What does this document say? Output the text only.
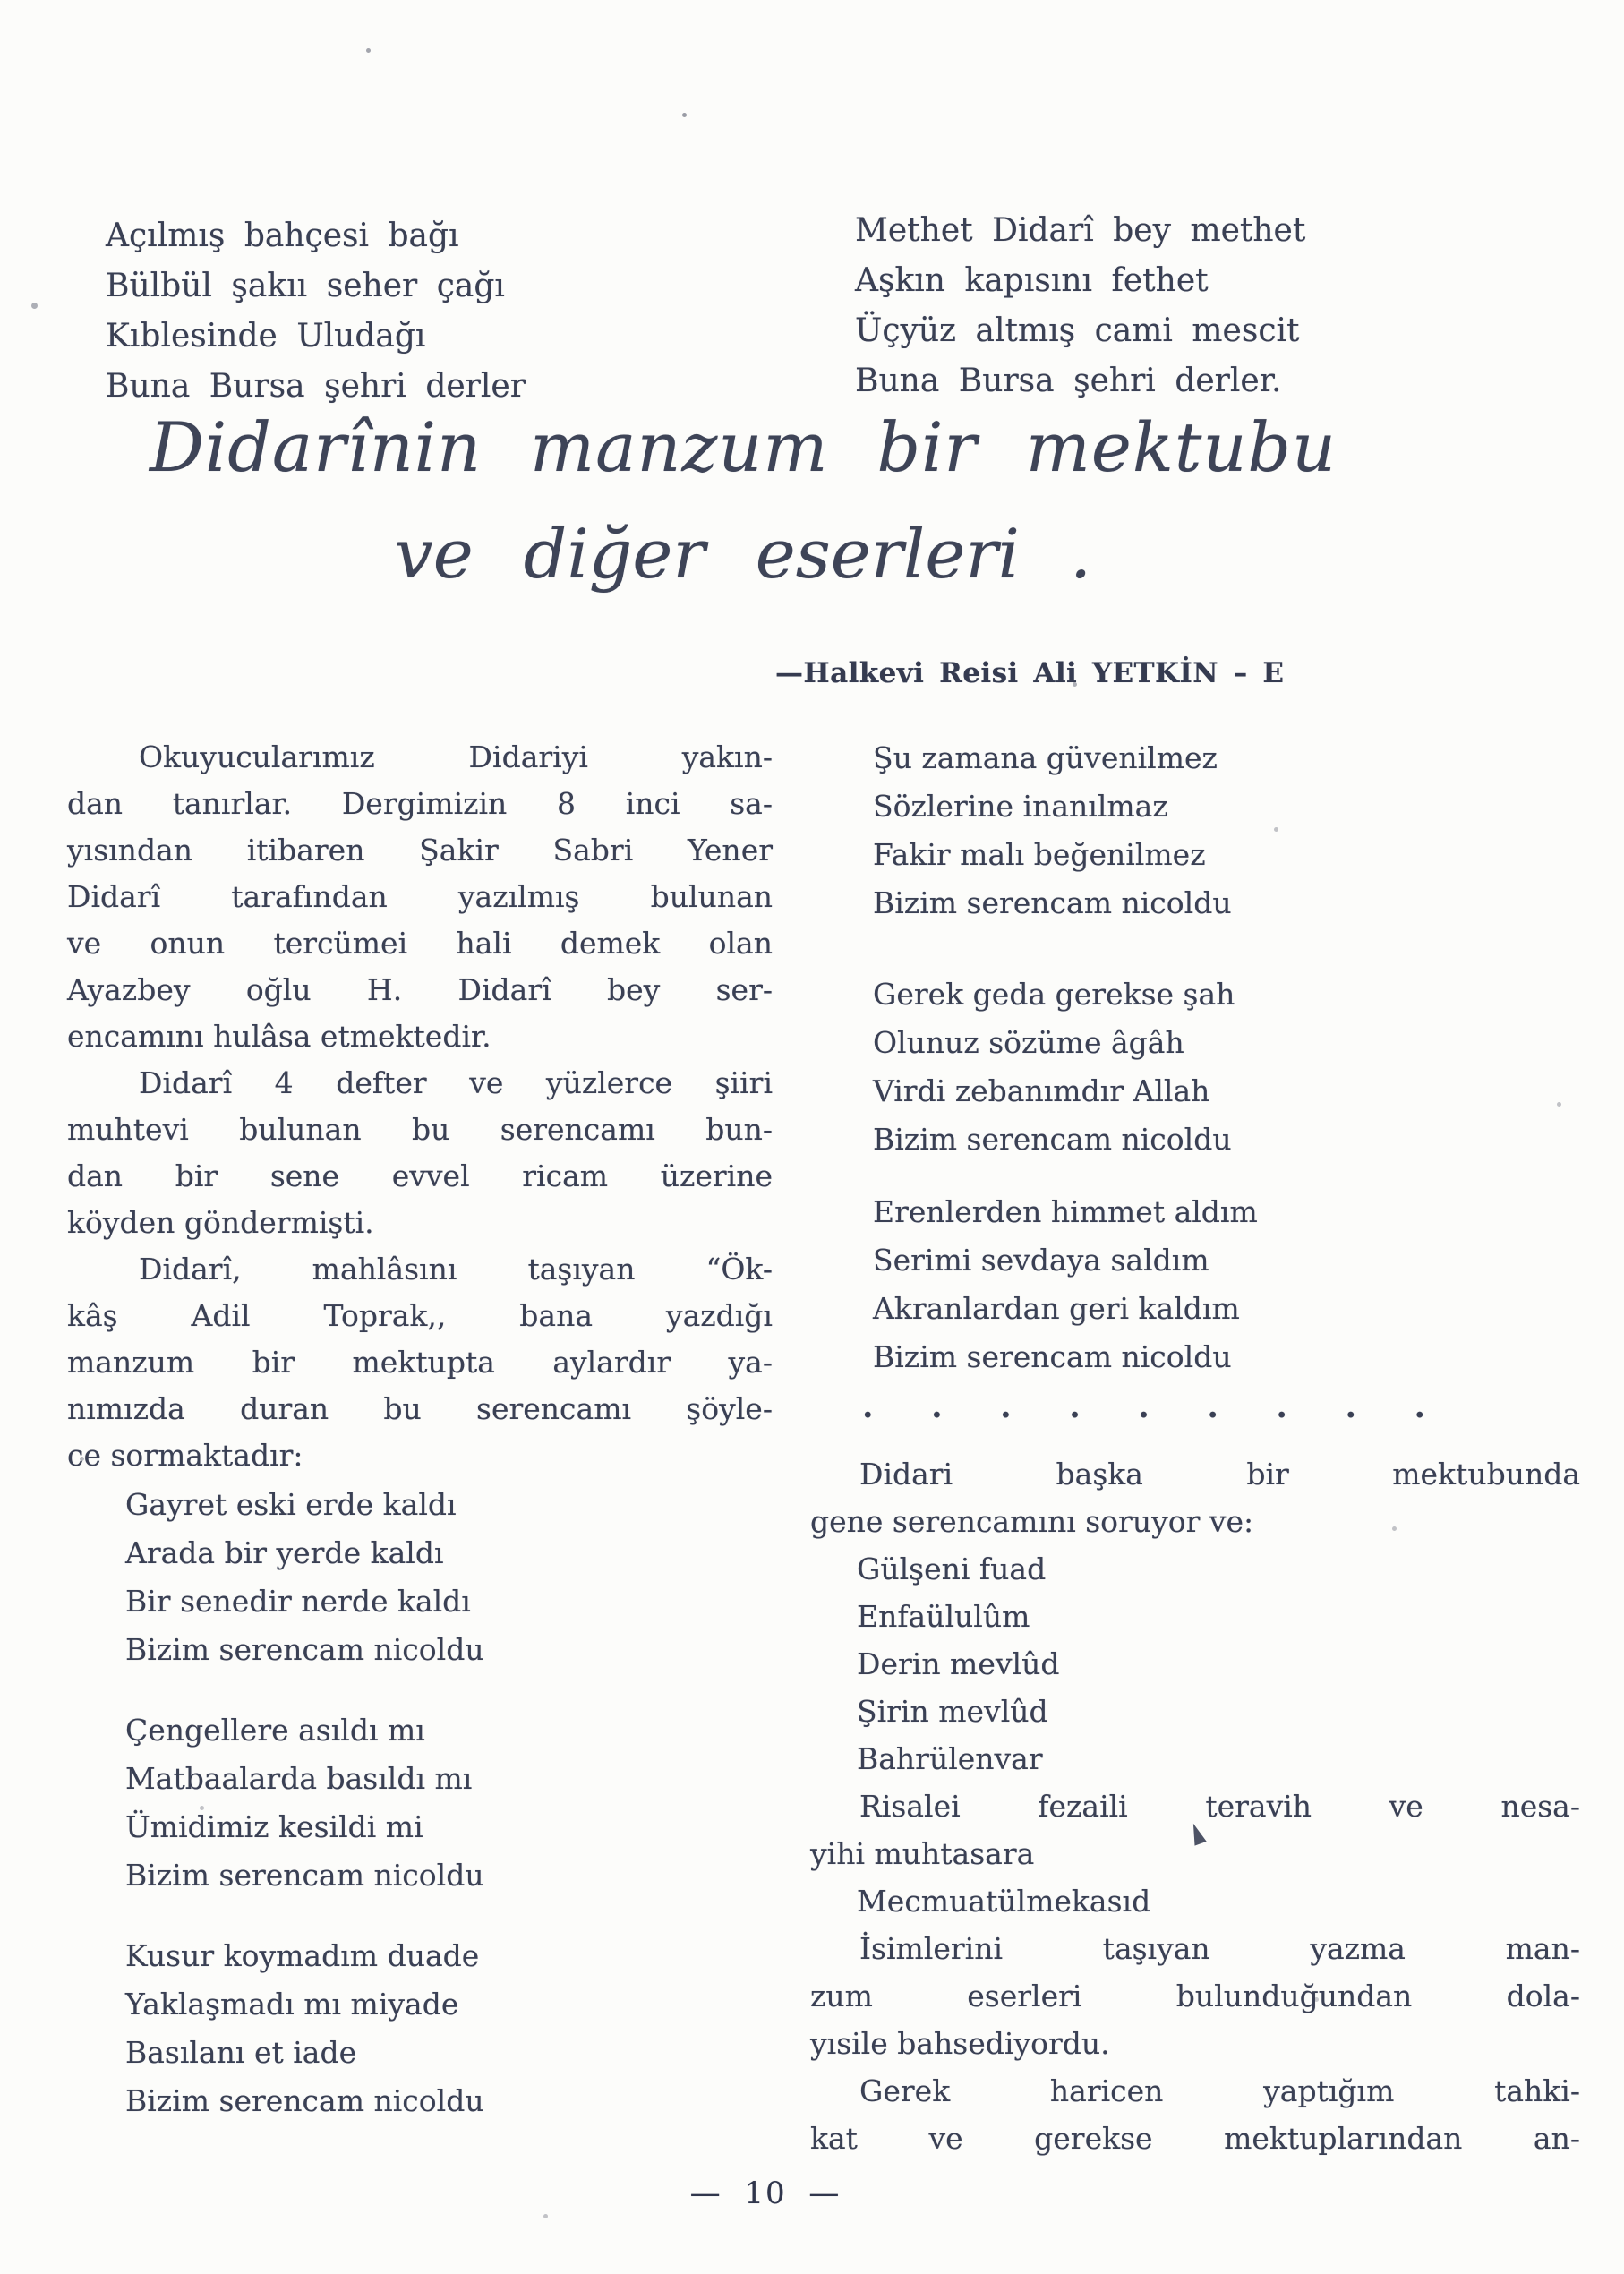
Açılmış bahçesi bağı
Bülbül şakıı seher çağı
Kıblesinde Uludağı
Buna Bursa şehri derler
Methet Didarî bey methet
Aşkın kapısını fethet
Üçyüz altmış cami mescit
Buna Bursa şehri derler.
Didarînin manzum bir mektubu
ve diğer eserleri .
—Halkevi Reisi Ali YETKİN – E
Okuyucularımız Didariyi yakın-
dan tanırlar. Dergimizin 8 inci sa-
yısından itibaren Şakir Sabri Yener
Didarî tarafından yazılmış bulunan
ve onun tercümei hali demek olan
Ayazbey oğlu H. Didarî bey ser-
encamını hulâsa etmektedir.
Didarî 4 defter ve yüzlerce şiiri
muhtevi bulunan bu serencamı bun-
dan bir sene evvel ricam üzerine
köyden göndermişti.
Didarî, mahlâsını taşıyan “Ök-
kâş Adil Toprak,, bana yazdığı
manzum bir mektupta aylardır ya-
nımızda duran bu serencamı şöyle-
ce sormaktadır:
Gayret eski erde kaldı
Arada bir yerde kaldı
Bir senedir nerde kaldı
Bizim serencam nicoldu
Çengellere asıldı mı
Matbaalarda basıldı mı
Ümidimiz kesildi mi
Bizim serencam nicoldu
Kusur koymadım duade
Yaklaşmadı mı miyade
Basılanı et iade
Bizim serencam nicoldu
Şu zamana güvenilmez
Sözlerine inanılmaz
Fakir malı beğenilmez
Bizim serencam nicoldu
Gerek geda gerekse şah
Olunuz sözüme âgâh
Virdi zebanımdır Allah
Bizim serencam nicoldu
Erenlerden himmet aldım
Serimi sevdaya saldım
Akranlardan geri kaldım
Bizim serencam nicoldu
· · · · · · · · ·
Didari başka bir mektubunda
gene serencamını soruyor ve:
Gülşeni fuad
Enfaülulûm
Derin mevlûd
Şirin mevlûd
Bahrülenvar
Risalei fezaili teravih ve nesa-
yihi muhtasara
Mecmuatülmekasıd
İsimlerini taşıyan yazma man-
zum eserleri bulunduğundan dola-
yısile bahsediyordu.
Gerek haricen yaptığım tahki-
kat ve gerekse mektuplarından an-
— 10 —
